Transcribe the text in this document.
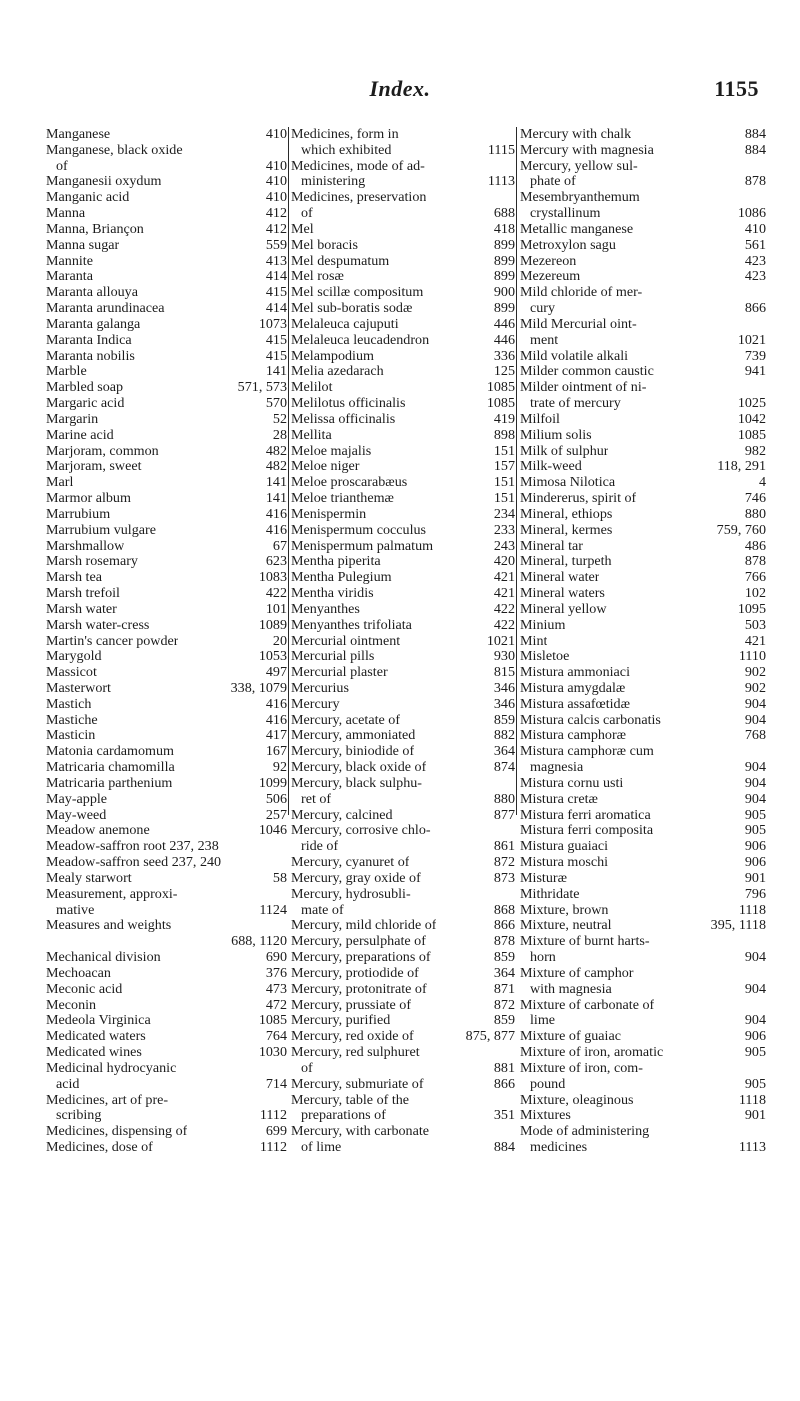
Index.	1155
Manganese	410
Manganese, black oxide
of	410
Manganesii oxydum	410
Manganic acid	410
Manna	412
Manna, Briançon	412
Manna sugar	559
Mannite	413
Maranta	414
Maranta allouya	415
Maranta arundinacea	414
Maranta galanga	1073
Maranta Indica	415
Maranta nobilis	415
Marble	141
Marbled soap	571, 573
Margaric acid	570
Margarin	52
Marine acid	28
Marjoram, common	482
Marjoram, sweet	482
Marl	141
Marmor album	141
Marrubium	416
Marrubium vulgare	416
Marshmallow	67
Marsh rosemary	623
Marsh tea	1083
Marsh trefoil	422
Marsh water	101
Marsh water-cress	1089
Martin's cancer powder	20
Marygold	1053
Massicot	497
Masterwort	338, 1079
Mastich	416
Mastiche	416
Masticin	417
Matonia cardamomum	167
Matricaria chamomilla	92
Matricaria parthenium	1099
May-apple	506
May-weed	257
Meadow anemone	1046
Meadow-saffron root 237, 238
Meadow-saffron seed 237, 240
Mealy starwort	58
Measurement, approxi-
mative	1124
Measures and weights
688, 1120
Mechanical division	690
Mechoacan	376
Meconic acid	473
Meconin	472
Medeola Virginica	1085
Medicated waters	764
Medicated wines	1030
Medicinal hydrocyanic
acid	714
Medicines, art of pre-
scribing	1112
Medicines, dispensing of	699
Medicines, dose of	1112
Medicines, form in
which exhibited	1115
Medicines, mode of ad-
ministering	1113
Medicines, preservation
of	688
Mel	418
Mel boracis	899
Mel despumatum	899
Mel rosæ	899
Mel scillæ compositum	900
Mel sub-boratis sodæ	899
Melaleuca cajuputi	446
Melaleuca leucadendron	446
Melampodium	336
Melia azedarach	125
Melilot	1085
Melilotus officinalis	1085
Melissa officinalis	419
Mellita	898
Meloe majalis	151
Meloe niger	157
Meloe proscarabæus	151
Meloe trianthemæ	151
Menispermin	234
Menispermum cocculus	233
Menispermum palmatum	243
Mentha piperita	420
Mentha Pulegium	421
Mentha viridis	421
Menyanthes	422
Menyanthes trifoliata	422
Mercurial ointment	1021
Mercurial pills	930
Mercurial plaster	815
Mercurius	346
Mercury	346
Mercury, acetate of	859
Mercury, ammoniated	882
Mercury, biniodide of	364
Mercury, black oxide of	874
Mercury, black sulphu-
ret of	880
Mercury, calcined	877
Mercury, corrosive chlo-
ride of	861
Mercury, cyanuret of	872
Mercury, gray oxide of	873
Mercury, hydrosubli-
mate of	868
Mercury, mild chloride of	866
Mercury, persulphate of	878
Mercury, preparations of	859
Mercury, protiodide of	364
Mercury, protonitrate of	871
Mercury, prussiate of	872
Mercury, purified	859
Mercury, red oxide of	875, 877
Mercury, red sulphuret
of	881
Mercury, submuriate of	866
Mercury, table of the
preparations of	351
Mercury, with carbonate
of lime	884
Mercury with chalk	884
Mercury with magnesia	884
Mercury, yellow sul-
phate of	878
Mesembryanthemum
crystallinum	1086
Metallic manganese	410
Metroxylon sagu	561
Mezereon	423
Mezereum	423
Mild chloride of mer-
cury	866
Mild Mercurial oint-
ment	1021
Mild volatile alkali	739
Milder common caustic	941
Milder ointment of ni-
trate of mercury	1025
Milfoil	1042
Milium solis	1085
Milk of sulphur	982
Milk-weed	118, 291
Mimosa Nilotica	4
Mindererus, spirit of	746
Mineral, ethiops	880
Mineral, kermes	759, 760
Mineral tar	486
Mineral, turpeth	878
Mineral water	766
Mineral waters	102
Mineral yellow	1095
Minium	503
Mint	421
Misletoe	1110
Mistura ammoniaci	902
Mistura amygdalæ	902
Mistura assafœtidæ	904
Mistura calcis carbonatis	904
Mistura camphoræ	768
Mistura camphoræ cum
magnesia	904
Mistura cornu usti	904
Mistura cretæ	904
Mistura ferri aromatica	905
Mistura ferri composita	905
Mistura guaiaci	906
Mistura moschi	906
Misturæ	901
Mithridate	796
Mixture, brown	1118
Mixture, neutral	395, 1118
Mixture of burnt harts-
horn	904
Mixture of camphor
with magnesia	904
Mixture of carbonate of
lime	904
Mixture of guaiac	906
Mixture of iron, aromatic	905
Mixture of iron, com-
pound	905
Mixture, oleaginous	1118
Mixtures	901
Mode of administering
medicines	1113
